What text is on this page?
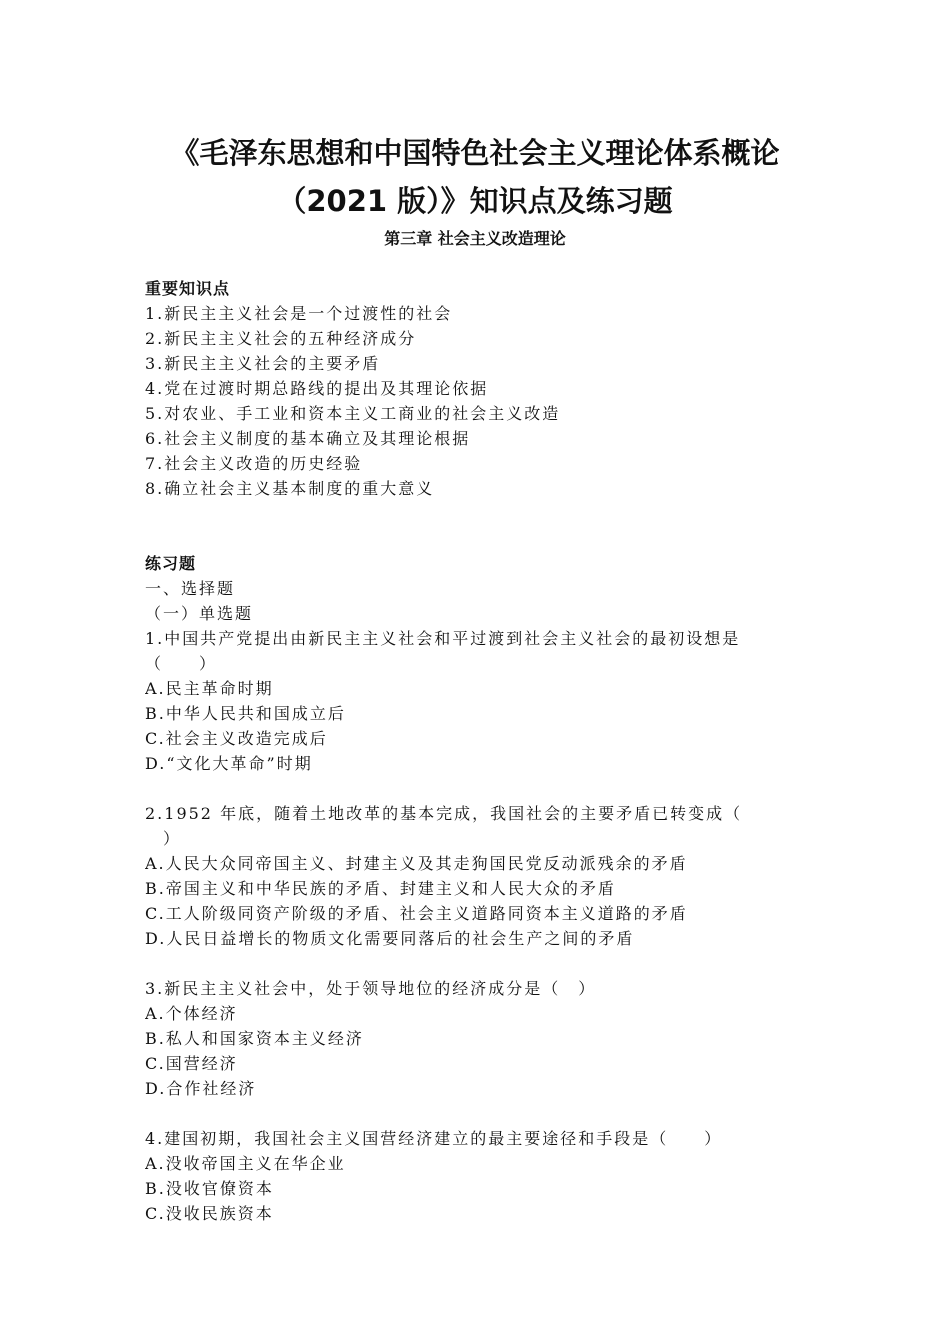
《毛泽东思想和中国特色社会主义理论体系概论
（2021 版）》知识点及练习题
第三章 社会主义改造理论
重要知识点
1.新民主主义社会是一个过渡性的社会
2.新民主主义社会的五种经济成分
3.新民主主义社会的主要矛盾
4.党在过渡时期总路线的提出及其理论依据
5.对农业、手工业和资本主义工商业的社会主义改造
6.社会主义制度的基本确立及其理论根据
7.社会主义改造的历史经验
8.确立社会主义基本制度的重大意义
练习题
一、选择题
（一）单选题
1.中国共产党提出由新民主主义社会和平过渡到社会主义社会的最初设想是
（　　）
A.民主革命时期
B.中华人民共和国成立后
C.社会主义改造完成后
D.“文化大革命”时期
2.1952 年底，随着土地改革的基本完成，我国社会的主要矛盾已转变成（
　）
A.人民大众同帝国主义、封建主义及其走狗国民党反动派残余的矛盾
B.帝国主义和中华民族的矛盾、封建主义和人民大众的矛盾
C.工人阶级同资产阶级的矛盾、社会主义道路同资本主义道路的矛盾
D.人民日益增长的物质文化需要同落后的社会生产之间的矛盾
3.新民主主义社会中，处于领导地位的经济成分是（　）
A.个体经济
B.私人和国家资本主义经济
C.国营经济
D.合作社经济
4.建国初期，我国社会主义国营经济建立的最主要途径和手段是（　　）
A.没收帝国主义在华企业
B.没收官僚资本
C.没收民族资本
